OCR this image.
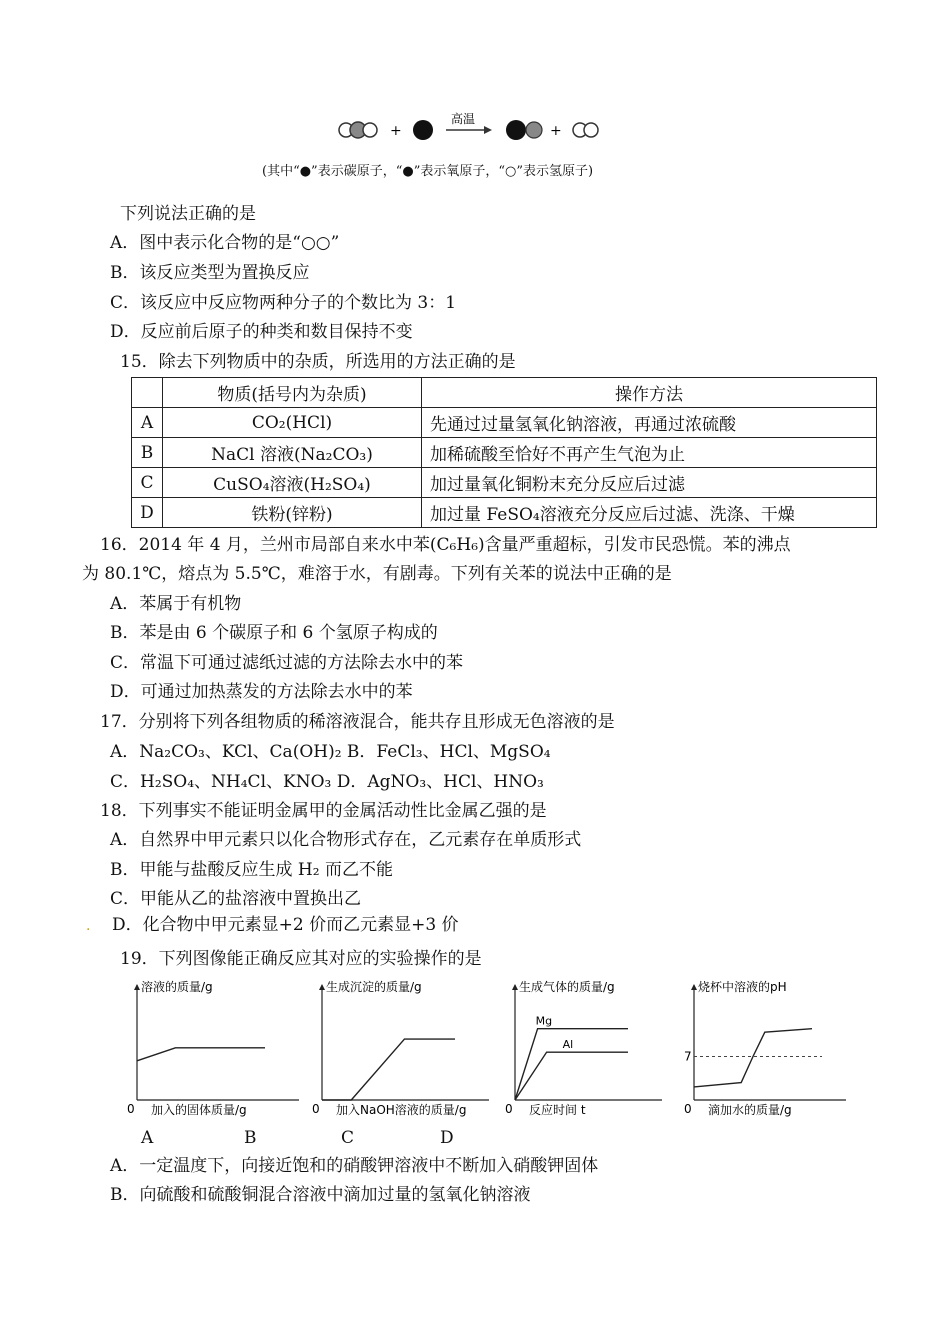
+
高温
+
(其中“●”表示碳原子，“●”表示氧原子，“○”表示氢原子)
下列说法正确的是
A．图中表示化合物的是“○○”
B．该反应类型为置换反应
C．该反应中反应物两种分子的个数比为 3：1
D．反应前后原子的种类和数目保持不变
15．除去下列物质中的杂质，所选用的方法正确的是
	物质(括号内为杂质)	操作方法
A	CO₂(HCl)	先通过过量氢氧化钠溶液，再通过浓硫酸
B	NaCl 溶液(Na₂CO₃)	加稀硫酸至恰好不再产生气泡为止
C	CuSO₄溶液(H₂SO₄)	加过量氧化铜粉末充分反应后过滤
D	铁粉(锌粉)	加过量 FeSO₄溶液充分反应后过滤、洗涤、干燥
16．2014 年 4 月，兰州市局部自来水中苯(C₆H₆)含量严重超标，引发市民恐慌。苯的沸点
为 80.1℃，熔点为 5.5℃，难溶于水，有剧毒。下列有关苯的说法中正确的是
A．苯属于有机物
B．苯是由 6 个碳原子和 6 个氢原子构成的
C．常温下可通过滤纸过滤的方法除去水中的苯
D．可通过加热蒸发的方法除去水中的苯
17．分别将下列各组物质的稀溶液混合，能共存且形成无色溶液的是
A．Na₂CO₃、KCl、Ca(OH)₂ B．FeCl₃、HCl、MgSO₄
C．H₂SO₄、NH₄Cl、KNO₃ D．AgNO₃、HCl、HNO₃
18．下列事实不能证明金属甲的金属活动性比金属乙强的是
A．自然界中甲元素只以化合物形式存在，乙元素存在单质形式
B．甲能与盐酸反应生成 H₂ 而乙不能
C．甲能从乙的盐溶液中置换出乙
. D．化合物中甲元素显+2 价而乙元素显+3 价
19．下列图像能正确反应其对应的实验操作的是
溶液的质量/g
加入的固体质量/g
0
生成沉淀的质量/g
加入NaOH溶液的质量/g
0
生成气体的质量/g
反应时间 t
0
Mg
Al
烧杯中溶液的pH
滴加水的质量/g
0
7
A	B	C	D
A．一定温度下，向接近饱和的硝酸钾溶液中不断加入硝酸钾固体
B．向硫酸和硫酸铜混合溶液中滴加过量的氢氧化钠溶液
